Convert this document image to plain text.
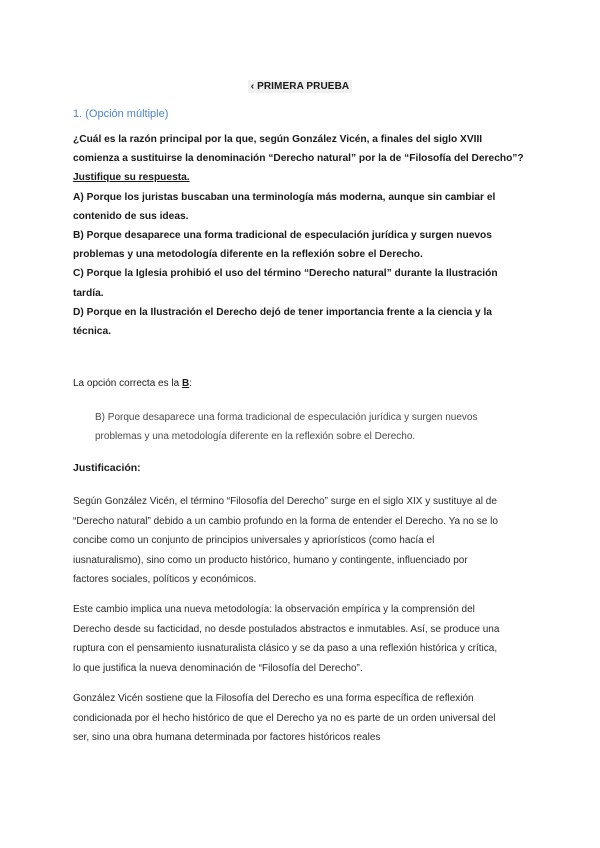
‹ PRIMERA PRUEBA
1. (Opción múltiple)

¿Cuál es la razón principal por la que, según González Vicén, a finales del siglo XVIII

comienza a sustituirse la denominación “Derecho natural” por la de “Filosofía del Derecho”?

Justifique su respuesta.

A) Porque los juristas buscaban una terminología más moderna, aunque sin cambiar el

contenido de sus ideas.

B) Porque desaparece una forma tradicional de especulación jurídica y surgen nuevos

problemas y una metodología diferente en la reflexión sobre el Derecho.

C) Porque la Iglesia prohibió el uso del término “Derecho natural” durante la Ilustración

tardía.

D) Porque en la Ilustración el Derecho dejó de tener importancia frente a la ciencia y la

técnica.

La opción correcta es la B:
B) Porque desaparece una forma tradicional de especulación jurídica y surgen nuevos
problemas y una metodología diferente en la reflexión sobre el Derecho.
Justificación:
Según González Vicén, el término “Filosofía del Derecho” surge en el siglo XIX y sustituye al de
“Derecho natural” debido a un cambio profundo en la forma de entender el Derecho. Ya no se lo
concibe como un conjunto de principios universales y apriorísticos (como hacía el
iusnaturalismo), sino como un producto histórico, humano y contingente, influenciado por
factores sociales, políticos y económicos.
Este cambio implica una nueva metodología: la observación empírica y la comprensión del
Derecho desde su facticidad, no desde postulados abstractos e inmutables. Así, se produce una
ruptura con el pensamiento iusnaturalista clásico y se da paso a una reflexión histórica y crítica,
lo que justifica la nueva denominación de “Filosofía del Derecho”.
González Vicén sostiene que la Filosofía del Derecho es una forma específica de reflexión
condicionada por el hecho histórico de que el Derecho ya no es parte de un orden universal del
ser, sino una obra humana determinada por factores históricos reales
